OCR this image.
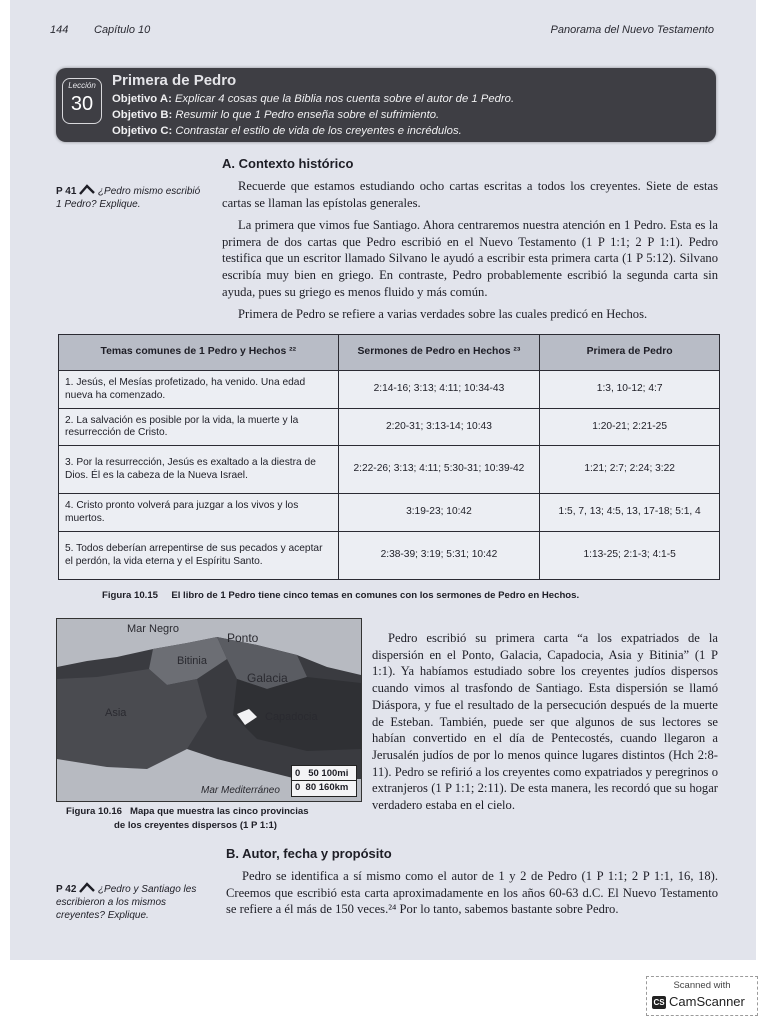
144 Capítulo 10	Panorama del Nuevo Testamento
Lección
30
Primera de Pedro
Objetivo A: Explicar 4 cosas que la Biblia nos cuenta sobre el autor de 1 Pedro.
Objetivo B: Resumir lo que 1 Pedro enseña sobre el sufrimiento.
Objetivo C: Contrastar el estilo de vida de los creyentes e incrédulos.
A. Contexto histórico
P 41 ¿Pedro mismo escribió 1 Pedro? Explique.

Recuerde que estamos estudiando ocho cartas escritas a todos los creyentes. Siete de estas cartas se llaman las epístolas generales.

La primera que vimos fue Santiago. Ahora centraremos nuestra atención en 1 Pedro. Esta es la primera de dos cartas que Pedro escribió en el Nuevo Testamento (1 P 1:1; 2 P 1:1). Pedro testifica que un escritor llamado Silvano le ayudó a escribir esta primera carta (1 P 5:12). Silvano escribía muy bien en griego. En contraste, Pedro probablemente escribió la segunda carta sin ayuda, pues su griego es menos fluido y más común.

Primera de Pedro se refiere a varias verdades sobre las cuales predicó en Hechos.

Temas comunes de 1 Pedro y Hechos ²²	Sermones de Pedro en Hechos ²³	Primera de Pedro
1. Jesús, el Mesías profetizado, ha venido. Una edad nueva ha comenzado.	2:14-16; 3:13; 4:11; 10:34-43	1:3, 10-12; 4:7
2. La salvación es posible por la vida, la muerte y la resurrección de Cristo.	2:20-31; 3:13-14; 10:43	1:20-21; 2:21-25
3. Por la resurrección, Jesús es exaltado a la diestra de Dios. Él es la cabeza de la Nueva Israel.	2:22-26; 3:13; 4:11; 5:30-31; 10:39-42	1:21; 2:7; 2:24; 3:22
4. Cristo pronto volverá para juzgar a los vivos y los muertos.	3:19-23; 10:42	1:5, 7, 13; 4:5, 13, 17-18; 5:1, 4
5. Todos deberían arrepentirse de sus pecados y aceptar el perdón, la vida eterna y el Espíritu Santo.	2:38-39; 3:19; 5:31; 10:42	1:13-25; 2:1-3; 4:1-5
Figura 10.15     El libro de 1 Pedro tiene cinco temas en comunes con los sermones de Pedro en Hechos.
Mar Negro
Ponto
Bitinia
Galacia
Asia	Capadocia
Mar Mediterráneo
0   50 100mi
0  80 160km
Figura 10.16   Mapa que muestra las cinco provincias
de los creyentes dispersos (1 P 1:1)

Pedro escribió su primera carta “a los expatriados de la dispersión en el Ponto, Galacia, Capadocia, Asia y Bitinia” (1 P 1:1). Ya habíamos estudiado sobre los creyentes judíos dispersos cuando vimos al trasfondo de Santiago. Esta dispersión se llamó Diáspora, y fue el resultado de la persecución después de la muerte de Esteban. También, puede ser que algunos de sus lectores se habían convertido en el día de Pentecostés, cuando llegaron a Jerusalén judíos de por lo menos quince lugares distintos (Hch 2:8-11). Pedro se refirió a los creyentes como expatriados y peregrinos o extranjeros (1 P 1:1; 2:11). De esta manera, les recordó que su hogar verdadero estaba en el cielo.

B. Autor, fecha y propósito
P 42 ¿Pedro y Santiago les escribieron a los mismos creyentes? Explique.

Pedro se identifica a sí mismo como el autor de 1 y 2 de Pedro (1 P 1:1; 2 P 1:1, 16, 18). Creemos que escribió esta carta aproximadamente en los años 60-63 d.C. El Nuevo Testamento se refiere a él más de 150 veces.²⁴ Por lo tanto, sabemos bastante sobre Pedro.

Scanned with
CS CamScanner
